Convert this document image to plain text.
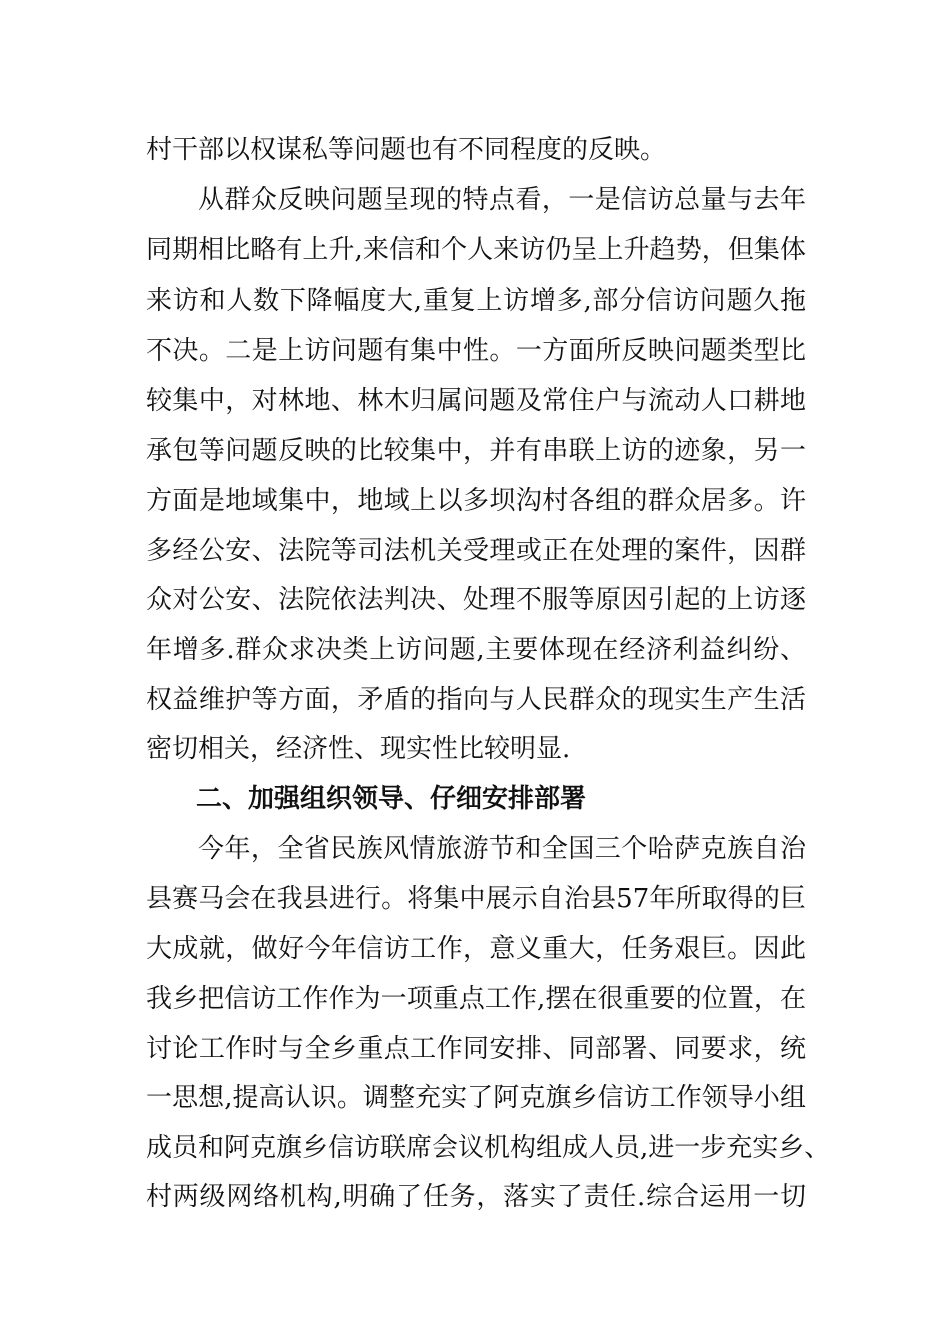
村干部以权谋私等问题也有不同程度的反映。
从群众反映问题呈现的特点看，一是信访总量与去年
同期相比略有上升,来信和个人来访仍呈上升趋势，但集体
来访和人数下降幅度大,重复上访增多,部分信访问题久拖
不决。二是上访问题有集中性。一方面所反映问题类型比
较集中，对林地、林木归属问题及常住户与流动人口耕地
承包等问题反映的比较集中，并有串联上访的迹象，另一
方面是地域集中，地域上以多坝沟村各组的群众居多。许
多经公安、法院等司法机关受理或正在处理的案件，因群
众对公安、法院依法判决、处理不服等原因引起的上访逐
年增多.群众求决类上访问题,主要体现在经济利益纠纷、
权益维护等方面，矛盾的指向与人民群众的现实生产生活
密切相关，经济性、现实性比较明显.
二、加强组织领导、仔细安排部署
今年，全省民族风情旅游节和全国三个哈萨克族自治
县赛马会在我县进行。将集中展示自治县57年所取得的巨
大成就，做好今年信访工作，意义重大，任务艰巨。因此
我乡把信访工作作为一项重点工作,摆在很重要的位置，在
讨论工作时与全乡重点工作同安排、同部署、同要求，统
一思想,提高认识。调整充实了阿克旗乡信访工作领导小组
成员和阿克旗乡信访联席会议机构组成人员,进一步充实乡、
村两级网络机构,明确了任务，落实了责任.综合运用一切
